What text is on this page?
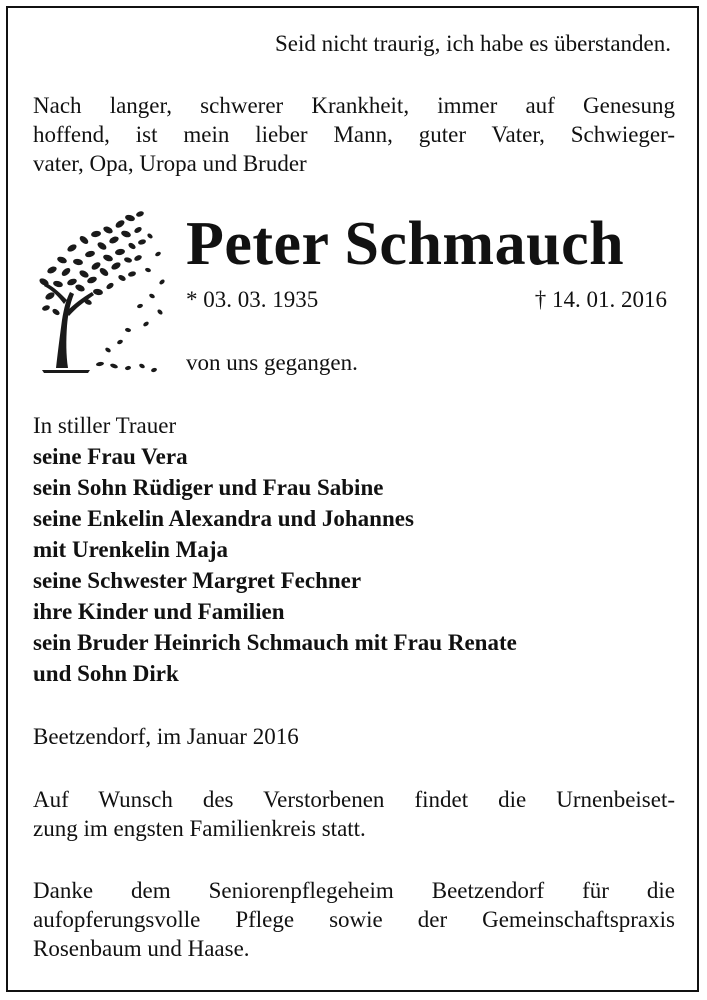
Seid nicht traurig, ich habe es überstanden.
Nach langer, schwerer Krankheit, immer auf Genesung
hoffend, ist mein lieber Mann, guter Vater, Schwieger-
vater, Opa, Uropa und Bruder
Peter Schmauch
* 03. 03. 1935	† 14. 01. 2016
von uns gegangen.
In stiller Trauer
seine Frau Vera
sein Sohn Rüdiger und Frau Sabine
seine Enkelin Alexandra und Johannes
mit Urenkelin Maja
seine Schwester Margret Fechner
ihre Kinder und Familien
sein Bruder Heinrich Schmauch mit Frau Renate
und Sohn Dirk
Beetzendorf, im Januar 2016
Auf Wunsch des Verstorbenen findet die Urnenbeiset-
zung im engsten Familienkreis statt.
Danke dem Seniorenpflegeheim Beetzendorf für die
aufopferungsvolle Pflege sowie der Gemeinschaftspraxis
Rosenbaum und Haase.
